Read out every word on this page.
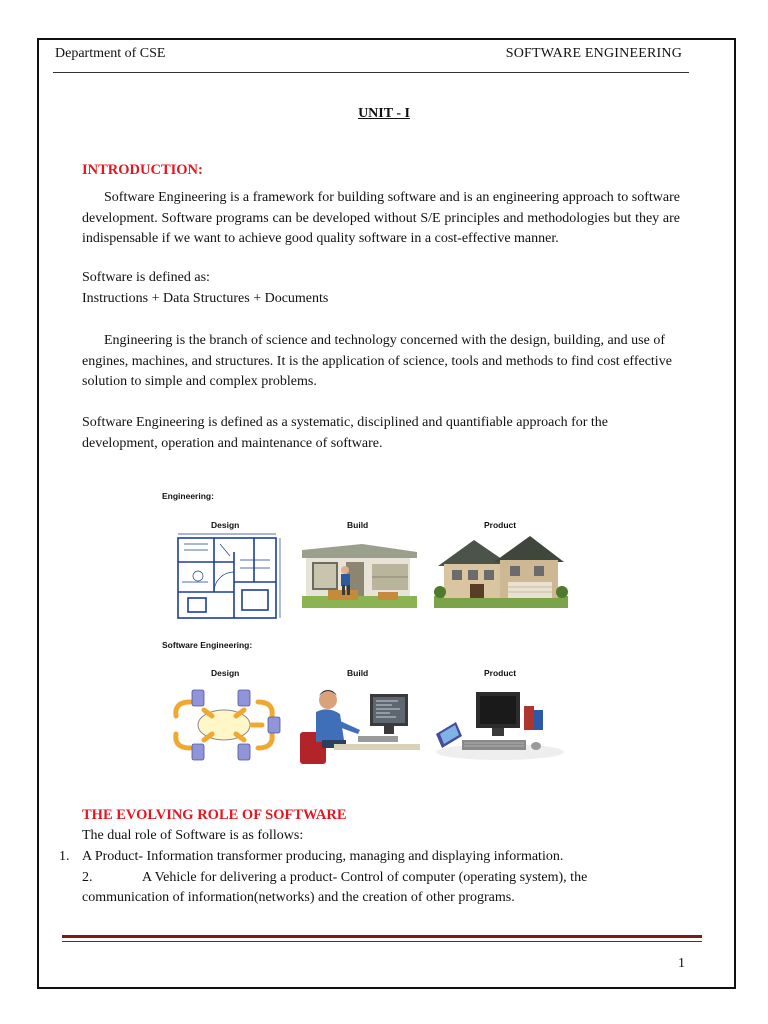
Department of CSE	SOFTWARE ENGINEERING
UNIT - I
INTRODUCTION:

Software Engineering is a framework for building software and is an engineering approach to software development. Software programs can be developed without S/E principles and methodologies but they are indispensable if we want to achieve good quality software in a cost-effective manner.

Software is defined as:
Instructions + Data Structures + Documents

Engineering is the branch of science and technology concerned with the design, building, and use of engines, machines, and structures. It is the application of science, tools and methods to find cost effective solution to simple and complex problems.

Software Engineering is defined as a systematic, disciplined and quantifiable approach for the development, operation and maintenance of software.

Engineering:
Design	Build	Product
Software Engineering:
Design	Build	Product
THE EVOLVING ROLE OF SOFTWARE
The dual role of Software is as follows:
1. A Product- Information transformer producing, managing and displaying information.
2.	A Vehicle for delivering a product- Control of computer (operating system), the
communication of information(networks) and the creation of other programs.
1
